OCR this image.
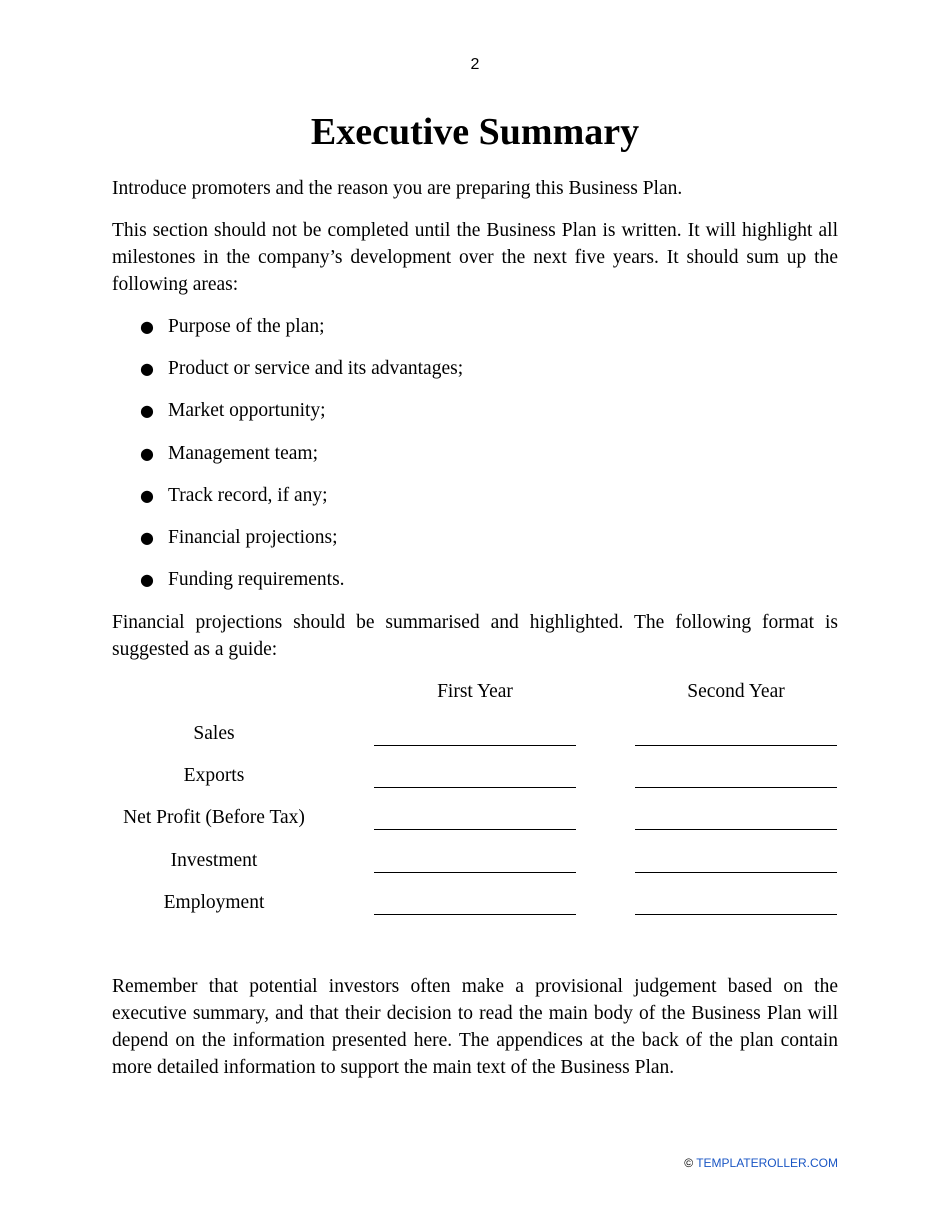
2
Executive Summary

Introduce promoters and the reason you are preparing this Business Plan.

This section should not be completed until the Business Plan is written. It will highlight all milestones in the company’s development over the next five years. It should sum up the following areas:

● Purpose of the plan;
● Product or service and its advantages;
● Market opportunity;
● Management team;
● Track record, if any;
● Financial projections;
● Funding requirements.

Financial projections should be summarised and highlighted. The following format is suggested as a guide:

First Year	Second Year
Sales
Exports
Net Profit (Before Tax)
Investment
Employment

Remember that potential investors often make a provisional judgement based on the executive summary, and that their decision to read the main body of the Business Plan will depend on the information presented here. The appendices at the back of the plan contain more detailed information to support the main text of the Business Plan.

© TEMPLATEROLLER.COM
